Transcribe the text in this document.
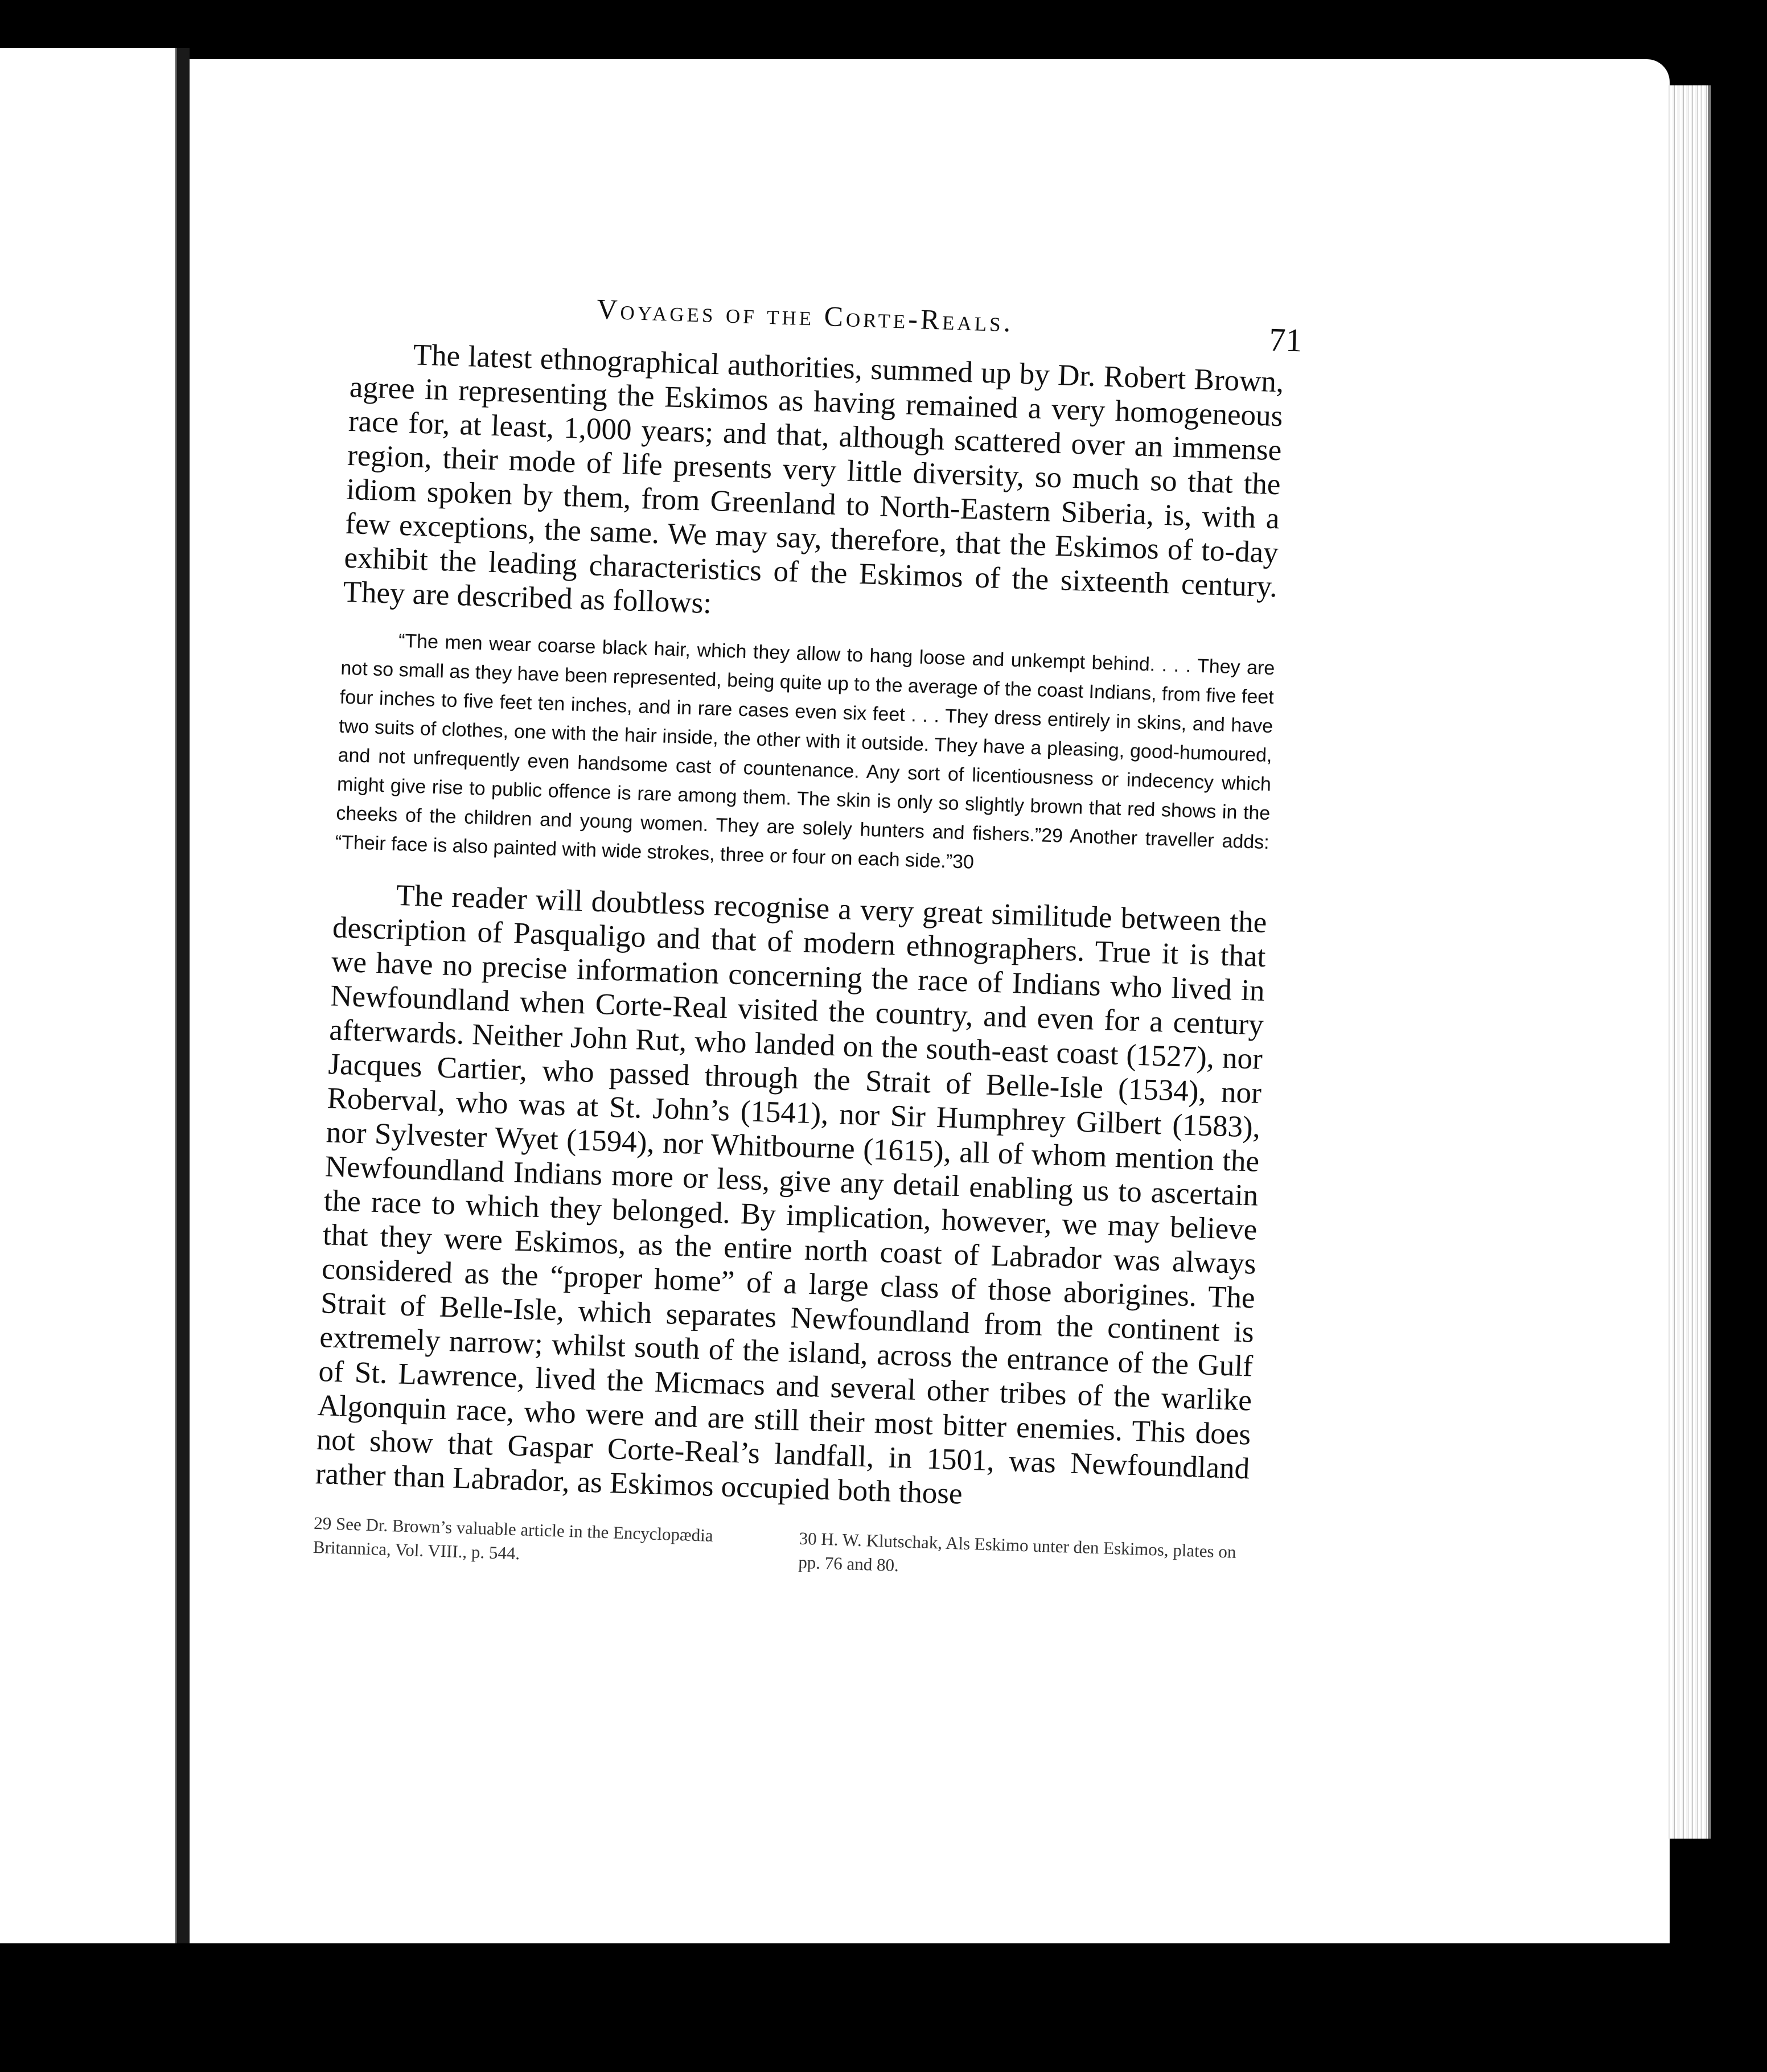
Voyages of the Corte-Reals.
71

The latest ethnographical authorities, summed up by Dr. Robert Brown, agree in representing the Eskimos as having remained a very homogeneous race for, at least, 1,000 years; and that, although scattered over an immense region, their mode of life presents very little diversity, so much so that the idiom spoken by them, from Greenland to North-Eastern Siberia, is, with a few exceptions, the same. We may say, therefore, that the Eskimos of to-day exhibit the leading characteristics of the Eskimos of the sixteenth century. They are described as follows:

“The men wear coarse black hair, which they allow to hang loose and unkempt behind. . . . They are not so small as they have been represented, being quite up to the average of the coast Indians, from five feet four inches to five feet ten inches, and in rare cases even six feet . . . They dress entirely in skins, and have two suits of clothes, one with the hair inside, the other with it outside. They have a pleasing, good-humoured, and not unfrequently even handsome cast of countenance. Any sort of licentiousness or indecency which might give rise to public offence is rare among them. The skin is only so slightly brown that red shows in the cheeks of the children and young women. They are solely hunters and fishers.”29 Another traveller adds: “Their face is also painted with wide strokes, three or four on each side.”30

The reader will doubtless recognise a very great similitude between the description of Pasqualigo and that of modern ethnographers. True it is that we have no precise information concerning the race of Indians who lived in Newfoundland when Corte-Real visited the country, and even for a century afterwards. Neither John Rut, who landed on the south-east coast (1527), nor Jacques Cartier, who passed through the Strait of Belle-Isle (1534), nor Roberval, who was at St. John’s (1541), nor Sir Humphrey Gilbert (1583), nor Sylvester Wyet (1594), nor Whitbourne (1615), all of whom mention the Newfoundland Indians more or less, give any detail enabling us to ascertain the race to which they belonged. By implication, however, we may believe that they were Eskimos, as the entire north coast of Labrador was always considered as the “proper home” of a large class of those aborigines. The Strait of Belle-Isle, which separates Newfoundland from the continent is extremely narrow; whilst south of the island, across the entrance of the Gulf of St. Lawrence, lived the Micmacs and several other tribes of the warlike Algonquin race, who were and are still their most bitter enemies. This does not show that Gaspar Corte-Real’s landfall, in 1501, was Newfoundland rather than Labrador, as Eskimos occupied both those

29 See Dr. Brown’s valuable article in the Encyclopædia Britannica, Vol. VIII., p. 544.	30 H. W. Klutschak, Als Eskimo unter den Eskimos, plates on pp. 76 and 80.
